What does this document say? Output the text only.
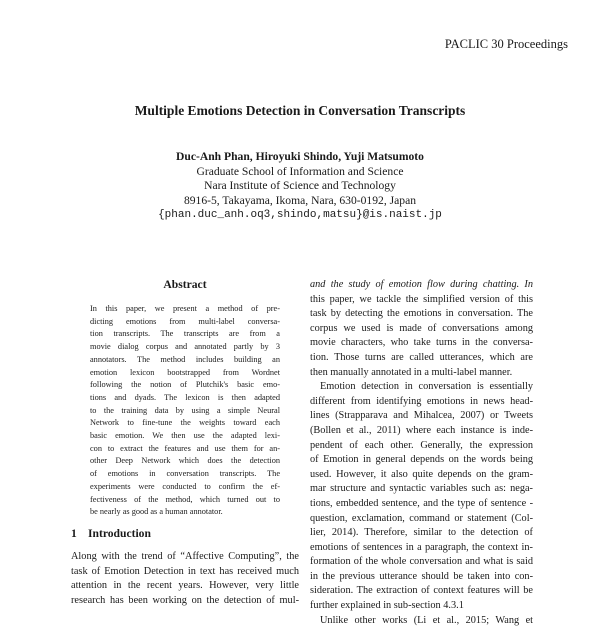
PACLIC 30 Proceedings
Multiple Emotions Detection in Conversation Transcripts
Duc-Anh Phan, Hiroyuki Shindo, Yuji Matsumoto
Graduate School of Information and Science
Nara Institute of Science and Technology
8916-5, Takayama, Ikoma, Nara, 630-0192, Japan
{phan.duc_anh.oq3,shindo,matsu}@is.naist.jp
Abstract
In this paper, we present a method of pre-
dicting emotions from multi-label conversa-
tion transcripts. The transcripts are from a
movie dialog corpus and annotated partly by 3
annotators. The method includes building an
emotion lexicon bootstrapped from Wordnet
following the notion of Plutchik's basic emo-
tions and dyads. The lexicon is then adapted
to the training data by using a simple Neural
Network to fine-tune the weights toward each
basic emotion. We then use the adapted lexi-
con to extract the features and use them for an-
other Deep Network which does the detection
of emotions in conversation transcripts. The
experiments were conducted to confirm the ef-
fectiveness of the method, which turned out to
be nearly as good as a human annotator.
1 Introduction
Along with the trend of “Affective Computing”, the
task of Emotion Detection in text has received much
attention in the recent years. However, very little
research has been working on the detection of mul-
and the study of emotion flow during chatting. In
this paper, we tackle the simplified version of this
task by detecting the emotions in conversation. The
corpus we used is made of conversations among
movie characters, who take turns in the conversa-
tion. Those turns are called utterances, which are
then manually annotated in a multi-label manner.
Emotion detection in conversation is essentially
different from identifying emotions in news head-
lines (Strapparava and Mihalcea, 2007) or Tweets
(Bollen et al., 2011) where each instance is inde-
pendent of each other. Generally, the expression
of Emotion in general depends on the words being
used. However, it also quite depends on the gram-
mar structure and syntactic variables such as: nega-
tions, embedded sentence, and the type of sentence -
question, exclamation, command or statement (Col-
lier, 2014). Therefore, similar to the detection of
emotions of sentences in a paragraph, the context in-
formation of the whole conversation and what is said
in the previous utterance should be taken into con-
sideration. The extraction of context features will be
further explained in sub-section 4.3.1
Unlike other works (Li et al., 2015; Wang et
